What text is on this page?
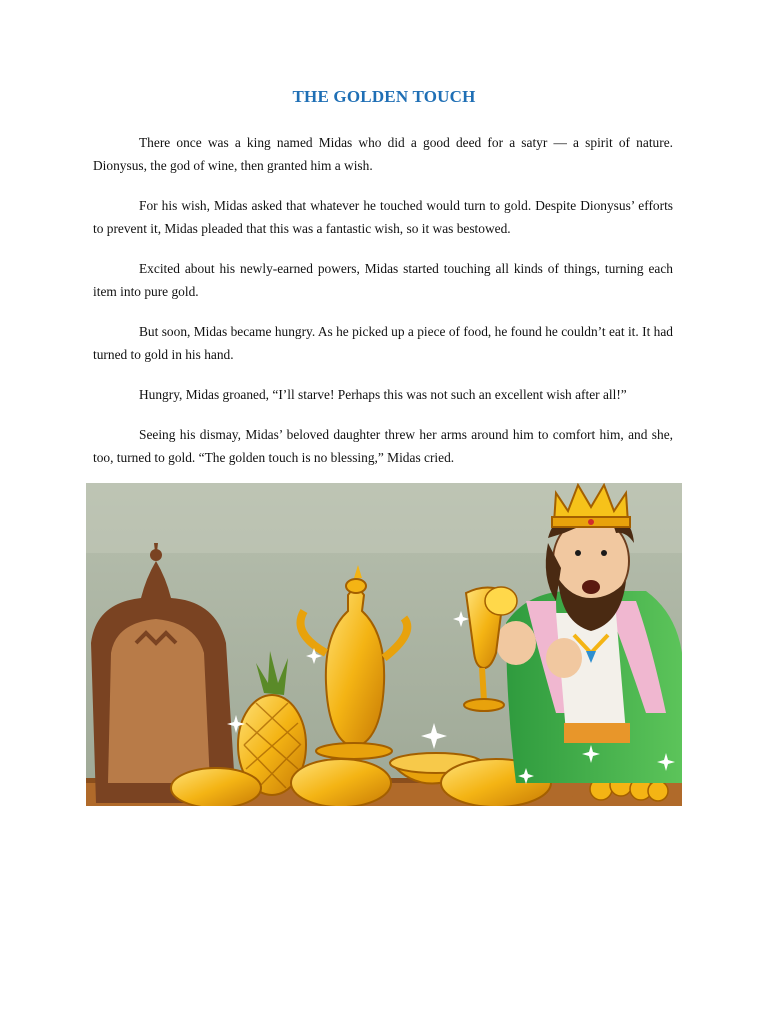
THE GOLDEN TOUCH

There once was a king named Midas who did a good deed for a satyr — a spirit of nature. Dionysus, the god of wine, then granted him a wish.

For his wish, Midas asked that whatever he touched would turn to gold. Despite Dionysus’ efforts to prevent it, Midas pleaded that this was a fantastic wish, so it was bestowed.

Excited about his newly-earned powers, Midas started touching all kinds of things, turning each item into pure gold.

But soon, Midas became hungry. As he picked up a piece of food, he found he couldn’t eat it. It had turned to gold in his hand.

Hungry, Midas groaned, “I’ll starve! Perhaps this was not such an excellent wish after all!”

Seeing his dismay, Midas’ beloved daughter threw her arms around him to comfort him, and she, too, turned to gold. “The golden touch is no blessing,” Midas cried.
